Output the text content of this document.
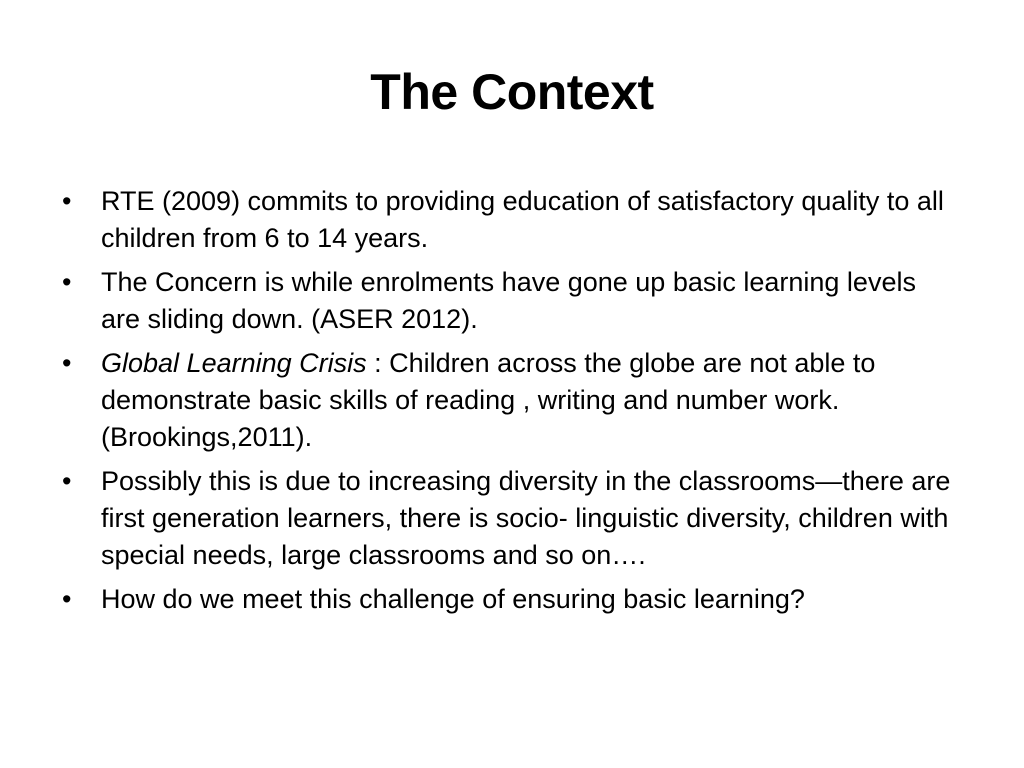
The Context
•	RTE (2009) commits to providing education of satisfactory quality to all children from 6 to 14 years.
•	The Concern is while enrolments have gone up basic learning levels are sliding down. (ASER 2012).
•	Global Learning Crisis : Children across the globe are not able to demonstrate basic skills of reading , writing and number work. (Brookings,2011).
•	Possibly this is due to increasing diversity in the classrooms—there are first generation learners, there is socio- linguistic diversity, children with special needs, large classrooms and so on….
•	How do we meet this challenge of ensuring basic learning?
